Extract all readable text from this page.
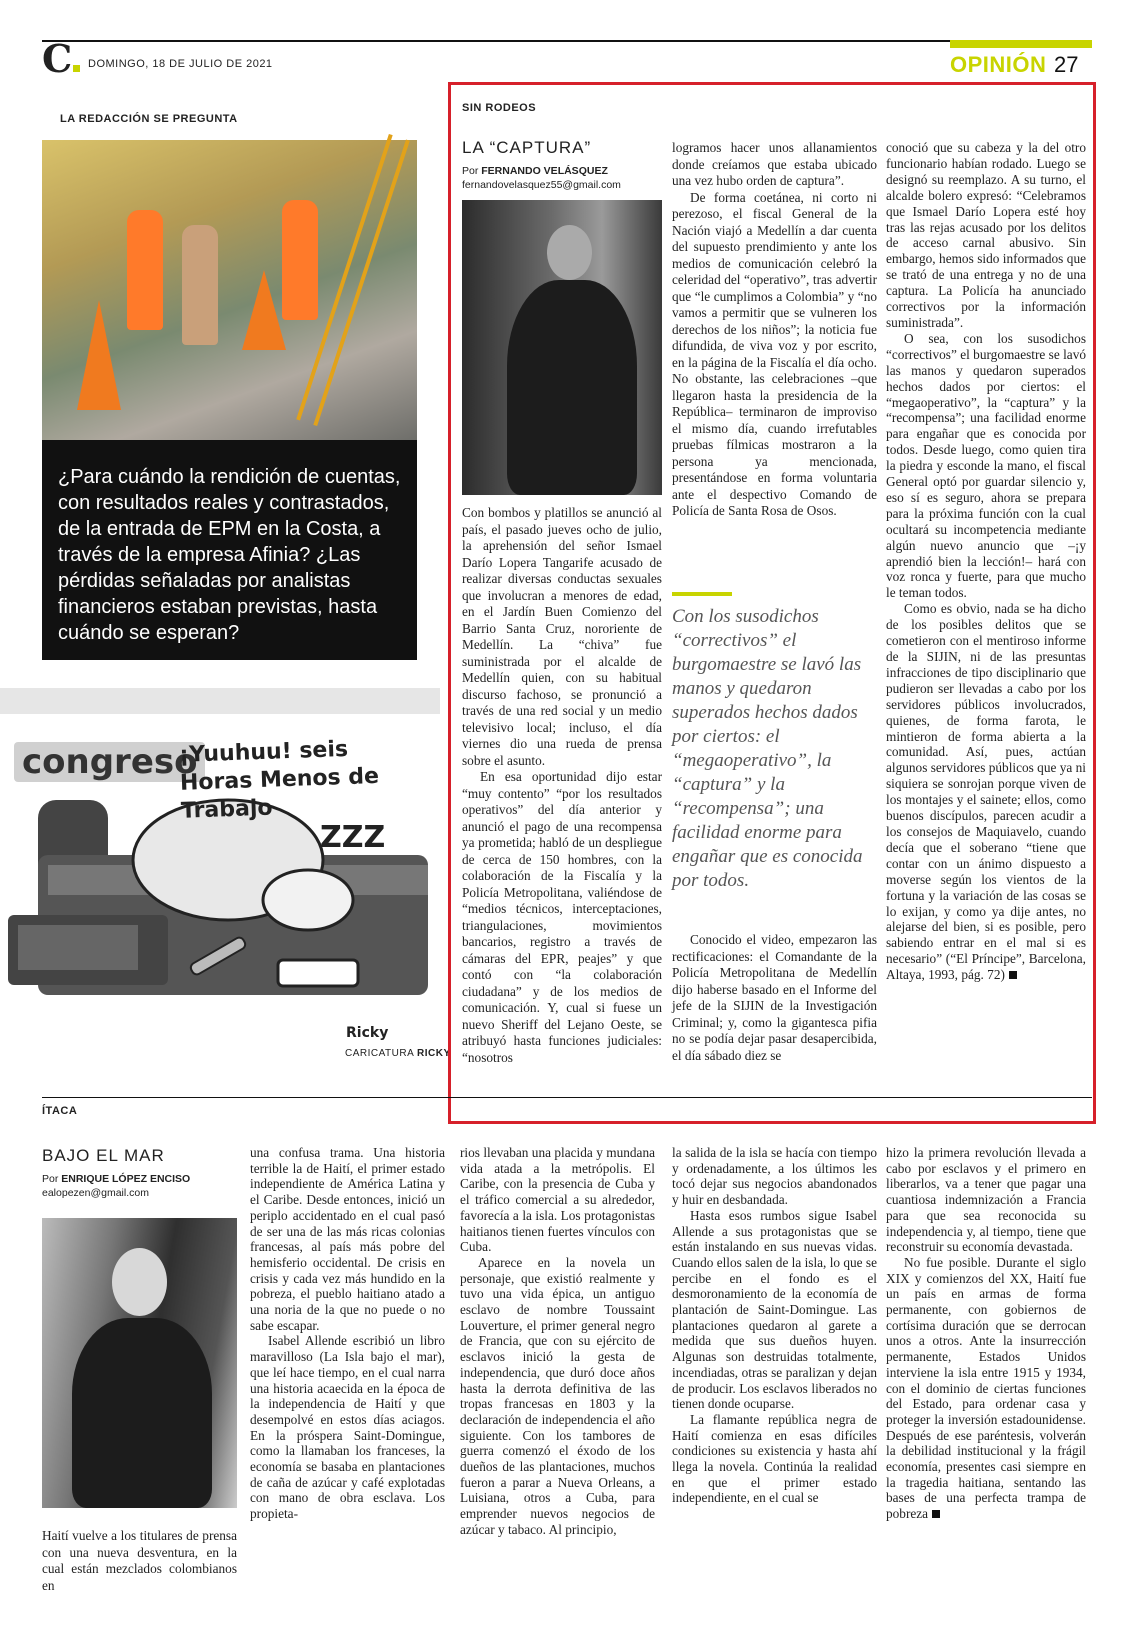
C	DOMINGO, 18 DE JULIO DE 2021	OPINIÓN 27
LA REDACCIÓN SE PREGUNTA
¿Para cuándo la rendición de cuentas, con resultados reales y contrastados, de la entrada de EPM en la Costa, a través de la empresa Afinia? ¿Las pérdidas señaladas por analistas financieros estaban previstas, hasta cuándo se esperan?
Ricky
congreso
¡Yuuhuu! seis Horas Menos de Trabajo
ZZZ
CARICATURA RICKY
SIN RODEOS
LA “CAPTURA”
Por FERNANDO VELÁSQUEZ
fernandovelasquez55@gmail.com

Con bombos y platillos se anunció al país, el pasado jueves ocho de julio, la aprehensión del señor Ismael Darío Lopera Tangarife acusado de realizar diversas conductas sexuales que involucran a menores de edad, en el Jardín Buen Comienzo del Barrio Santa Cruz, nororiente de Medellín. La “chiva” fue suministrada por el alcalde de Medellín quien, con su habitual discurso fachoso, se pronunció a través de una red social y un medio televisivo local; incluso, el día viernes dio una rueda de prensa sobre el asunto.

En esa oportunidad dijo estar “muy contento” “por los resultados operativos” del día anterior y anunció el pago de una recompensa ya prometida; habló de un despliegue de cerca de 150 hombres, con la colaboración de la Fiscalía y la Policía Metropolitana, valiéndose de “medios técnicos, interceptaciones, triangulaciones, movimientos bancarios, registro a través de cámaras del EPR, peajes” y que contó con “la colaboración ciudadana” y de los medios de comunicación. Y, cual si fuese un nuevo Sheriff del Lejano Oeste, se atribuyó hasta funciones judiciales: “nosotros

logramos hacer unos allanamientos donde creíamos que estaba ubicado una vez hubo orden de captura”.

De forma coetánea, ni corto ni perezoso, el fiscal General de la Nación viajó a Medellín a dar cuenta del supuesto prendimiento y ante los medios de comunicación celebró la celeridad del “operativo”, tras advertir que “le cumplimos a Colombia” y “no vamos a permitir que se vulneren los derechos de los niños”; la noticia fue difundida, de viva voz y por escrito, en la página de la Fiscalía el día ocho. No obstante, las celebraciones –que llegaron hasta la presidencia de la República– terminaron de improviso el mismo día, cuando irrefutables pruebas fílmicas mostraron a la persona ya mencionada, presentándose en forma voluntaria ante el despectivo Comando de Policía de Santa Rosa de Osos.

Con los susodichos “correctivos” el burgomaestre se lavó las manos y quedaron superados hechos dados por ciertos: el “megaoperativo”, la “captura” y la “recompensa”; una facilidad enorme para engañar que es conocida por todos.

Conocido el video, empezaron las rectificaciones: el Comandante de la Policía Metropolitana de Medellín dijo haberse basado en el Informe del jefe de la SIJIN de la Investigación Criminal; y, como la gigantesca pifia no se podía dejar pasar desapercibida, el día sábado diez se

conoció que su cabeza y la del otro funcionario habían rodado. Luego se designó su reemplazo. A su turno, el alcalde bolero expresó: “Celebramos que Ismael Darío Lopera esté hoy tras las rejas acusado por los delitos de acceso carnal abusivo. Sin embargo, hemos sido informados que se trató de una entrega y no de una captura. La Policía ha anunciado correctivos por la información suministrada”.

O sea, con los susodichos “correctivos” el burgomaestre se lavó las manos y quedaron superados hechos dados por ciertos: el “megaoperativo”, la “captura” y la “recompensa”; una facilidad enorme para engañar que es conocida por todos. Desde luego, como quien tira la piedra y esconde la mano, el fiscal General optó por guardar silencio y, eso sí es seguro, ahora se prepara para la próxima función con la cual ocultará su incompetencia mediante algún nuevo anuncio que –¡y aprendió bien la lección!– hará con voz ronca y fuerte, para que mucho le teman todos.

Como es obvio, nada se ha dicho de los posibles delitos que se cometieron con el mentiroso informe de la SIJIN, ni de las presuntas infracciones de tipo disciplinario que pudieron ser llevadas a cabo por los servidores públicos involucrados, quienes, de forma farota, le mintieron de forma abierta a la comunidad. Así, pues, actúan algunos servidores públicos que ya ni siquiera se sonrojan porque viven de los montajes y el sainete; ellos, como buenos discípulos, parecen acudir a los consejos de Maquiavelo, cuando decía que el soberano “tiene que contar con un ánimo dispuesto a moverse según los vientos de la fortuna y la variación de las cosas se lo exijan, y como ya dije antes, no alejarse del bien, si es posible, pero sabiendo entrar en el mal si es necesario” (“El Príncipe”, Barcelona, Altaya, 1993, pág. 72)

ÍTACA
BAJO EL MAR
Por ENRIQUE LÓPEZ ENCISO
ealopezen@gmail.com

Haití vuelve a los titulares de prensa con una nueva desventura, en la cual están mezclados colombianos en

una confusa trama. Una historia terrible la de Haití, el primer estado independiente de América Latina y el Caribe. Desde entonces, inició un periplo accidentado en el cual pasó de ser una de las más ricas colonias francesas, al país más pobre del hemisferio occidental. De crisis en crisis y cada vez más hundido en la pobreza, el pueblo haitiano atado a una noria de la que no puede o no sabe escapar.

Isabel Allende escribió un libro maravilloso (La Isla bajo el mar), que leí hace tiempo, en el cual narra una historia acaecida en la época de la independencia de Haití y que desempolvé en estos días aciagos. En la próspera Saint-Domingue, como la llamaban los franceses, la economía se basaba en plantaciones de caña de azúcar y café explotadas con mano de obra esclava. Los propieta-

rios llevaban una placida y mundana vida atada a la metrópolis. El Caribe, con la presencia de Cuba y el tráfico comercial a su alrededor, favorecía a la isla. Los protagonistas haitianos tienen fuertes vínculos con Cuba.

Aparece en la novela un personaje, que existió realmente y tuvo una vida épica, un antiguo esclavo de nombre Toussaint Louverture, el primer general negro de Francia, que con su ejército de esclavos inició la gesta de independencia, que duró doce años hasta la derrota definitiva de las tropas francesas en 1803 y la declaración de independencia el año siguiente. Con los tambores de guerra comenzó el éxodo de los dueños de las plantaciones, muchos fueron a parar a Nueva Orleans, a Luisiana, otros a Cuba, para emprender nuevos negocios de azúcar y tabaco. Al principio,

la salida de la isla se hacía con tiempo y ordenadamente, a los últimos les tocó dejar sus negocios abandonados y huir en desbandada.

Hasta esos rumbos sigue Isabel Allende a sus protagonistas que se están instalando en sus nuevas vidas. Cuando ellos salen de la isla, lo que se percibe en el fondo es el desmoronamiento de la economía de plantación de Saint-Domingue. Las plantaciones quedaron al garete a medida que sus dueños huyen. Algunas son destruidas totalmente, incendiadas, otras se paralizan y dejan de producir. Los esclavos liberados no tienen donde ocuparse.

La flamante república negra de Haití comienza en esas difíciles condiciones su existencia y hasta ahí llega la novela. Continúa la realidad en que el primer estado independiente, en el cual se

hizo la primera revolución llevada a cabo por esclavos y el primero en liberarlos, va a tener que pagar una cuantiosa indemnización a Francia para que sea reconocida su independencia y, al tiempo, tiene que reconstruir su economía devastada.

No fue posible. Durante el siglo XIX y comienzos del XX, Haití fue un país en armas de forma permanente, con gobiernos de cortísima duración que se derrocan unos a otros. Ante la insurrección permanente, Estados Unidos interviene la isla entre 1915 y 1934, con el dominio de ciertas funciones del Estado, para ordenar casa y proteger la inversión estadounidense. Después de ese paréntesis, volverán la debilidad institucional y la frágil economía, presentes casi siempre en la tragedia haitiana, sentando las bases de una perfecta trampa de pobreza
